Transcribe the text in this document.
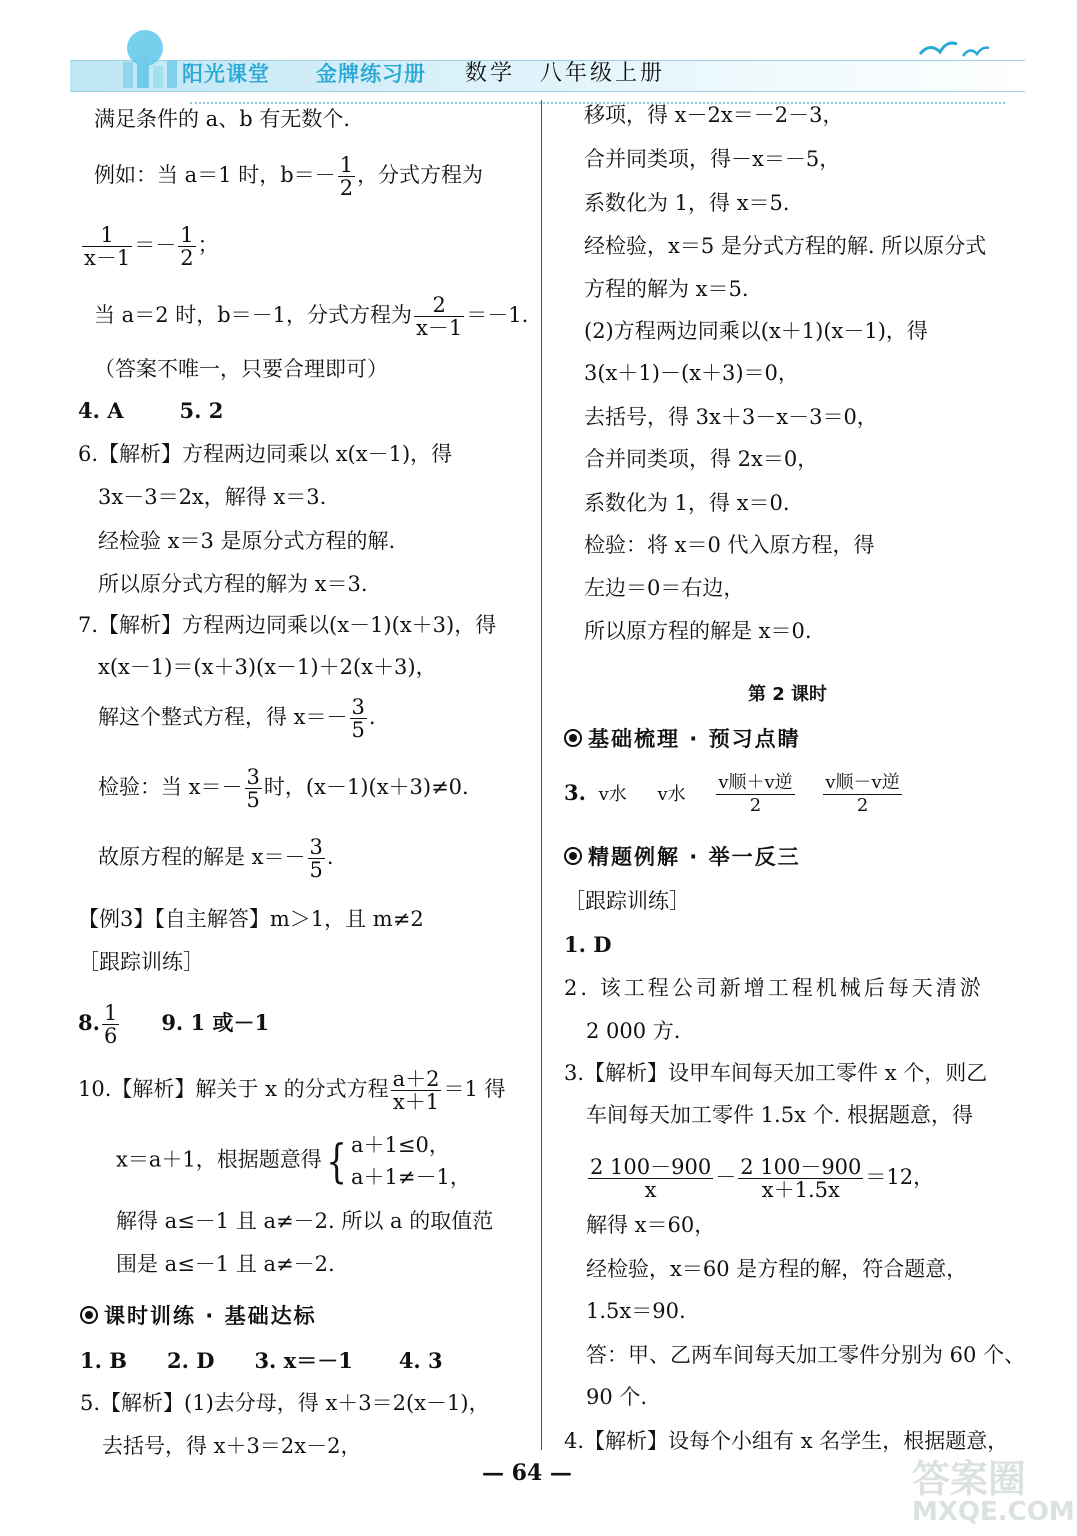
阳光课堂 金牌练习册 数学　八年级上册
满足条件的 a、b 有无数个.
例如：当 a＝1 时，$b=- \frac{1}{2}$ ，分式方程为
$\frac{1}{x-1} =- \frac{1}{2}$ ；
当 a＝2 时，b＝－1，分式方程为 $\frac{2}{x-1} =-1$.
（答案不唯一，只要合理即可）
4. A	5. 2
6.【解析】方程两边同乘以 x(x－1)，得
3x－3＝2x，解得 x＝3.
经检验 x＝3 是原分式方程的解.
所以原分式方程的解为 x＝3.
7.【解析】方程两边同乘以(x－1)(x＋3)，得
x(x－1)＝(x＋3)(x－1)＋2(x＋3)，
解这个整式方程，得 $x=- \frac{3}{5}$ .
检验：当 $x=- \frac{3}{5}$ 时，(x－1)(x＋3)≠0.
故原方程的解是 $x=- \frac{3}{5}$ .
【例3】【自主解答】m＞1，且 m≠2
［跟踪训练］
8. $\frac{1}{6} 9$. 1 或－1
10.【解析】解关于 x 的分式方程 $\frac{a+2}{x+1} =1$ 得
x＝a＋1，根据题意得{ a＋1≤0，
a＋1≠－1，
解得 a≤－1 且 a≠－2. 所以 a 的取值范
围是 a≤－1 且 a≠－2.
课时训练 · 基础达标
1. B 2. D 3. x＝－1 4. 3
5.【解析】(1)去分母，得 x＋3＝2(x－1)，
去括号，得 x＋3＝2x－2，
移项，得 x－2x＝－2－3，
合并同类项，得－x＝－5，
系数化为 1，得 x＝5.
经检验，x＝5 是分式方程的解. 所以原分式
方程的解为 x＝5.
(2)方程两边同乘以(x＋1)(x－1)，得
3(x＋1)－(x＋3)＝0，
去括号，得 3x＋3－x－3＝0，
合并同类项，得 2x＝0，
系数化为 1，得 x＝0.
检验：将 x＝0 代入原方程，得
左边＝0＝右边，
所以原方程的解是 x＝0.
第 2 课时
基础梳理 · 预习点睛
3. v水 v水 $\frac{\text{v顺＋v逆}}{2}$
$\frac{\text{v顺－v逆}}{2}$
精题例解 · 举一反三
［跟踪训练］
1. D
2. 该工程公司新增工程机械后每天清淤
2 000 方.
3.【解析】设甲车间每天加工零件 x 个，则乙
车间每天加工零件 1.5x 个. 根据题意，得
$\frac{2 100-900}{x} - \frac{2 100-900}{x+1.5x} =12$，
解得 x＝60，
经检验，x＝60 是方程的解，符合题意，
1.5x＝90.
答：甲、乙两车间每天加工零件分别为 60 个、
90 个.
4.【解析】设每个小组有 x 名学生，根据题意，
— 64 —	答案圈
MXQE.COM
